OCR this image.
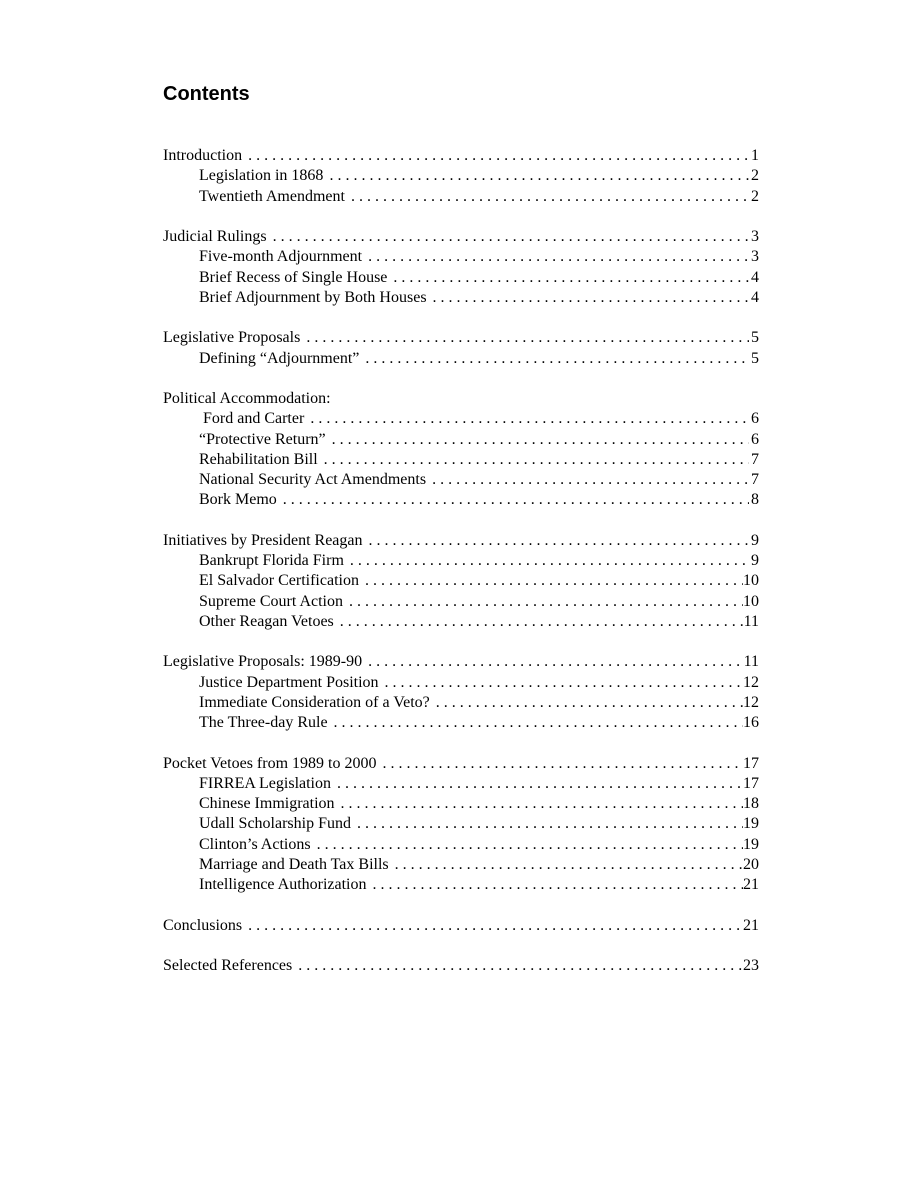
Contents
Introduction . . .	1
Legislation in 1868 . . .	2
Twentieth Amendment . . .	2
Judicial Rulings . . .	3
Five-month Adjournment . . .	3
Brief Recess of Single House . . .	4
Brief Adjournment by Both Houses . . .	4
Legislative Proposals . . .	5
Defining “Adjournment” . . .	5
Political Accommodation:
Ford and Carter . . .	6
“Protective Return” . . .	6
Rehabilitation Bill . . .	7
National Security Act Amendments . . .	7
Bork Memo . . .	8
Initiatives by President Reagan . . .	9
Bankrupt Florida Firm . . .	9
El Salvador Certification . . .	10
Supreme Court Action . . .	10
Other Reagan Vetoes . . .	11
Legislative Proposals: 1989-90 . . .	11
Justice Department Position . . .	12
Immediate Consideration of a Veto? . . .	12
The Three-day Rule . . .	16
Pocket Vetoes from 1989 to 2000 . . .	17
FIRREA Legislation . . .	17
Chinese Immigration . . .	18
Udall Scholarship Fund . . .	19
Clinton’s Actions . . .	19
Marriage and Death Tax Bills . . .	20
Intelligence Authorization . . .	21
Conclusions . . .	21
Selected References . . .	23
